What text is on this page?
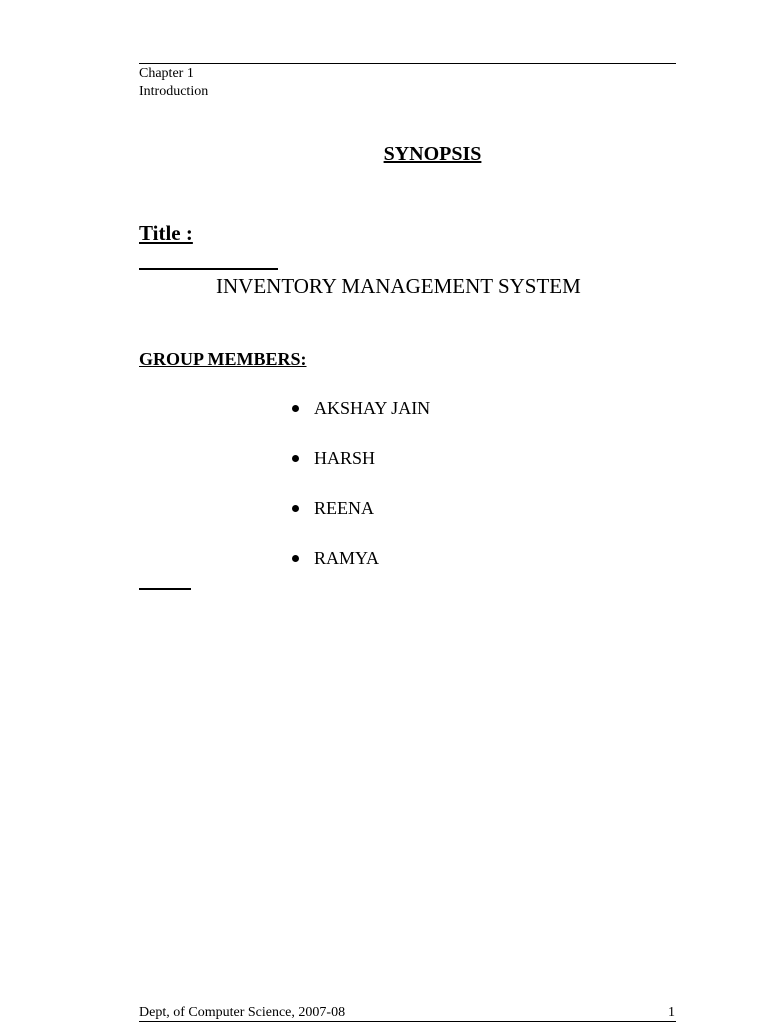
Chapter 1
Introduction
SYNOPSIS
Title :
INVENTORY MANAGEMENT SYSTEM
GROUP MEMBERS:
AKSHAY JAIN
HARSH
REENA
RAMYA
Dept, of Computer Science, 2007-08	1
